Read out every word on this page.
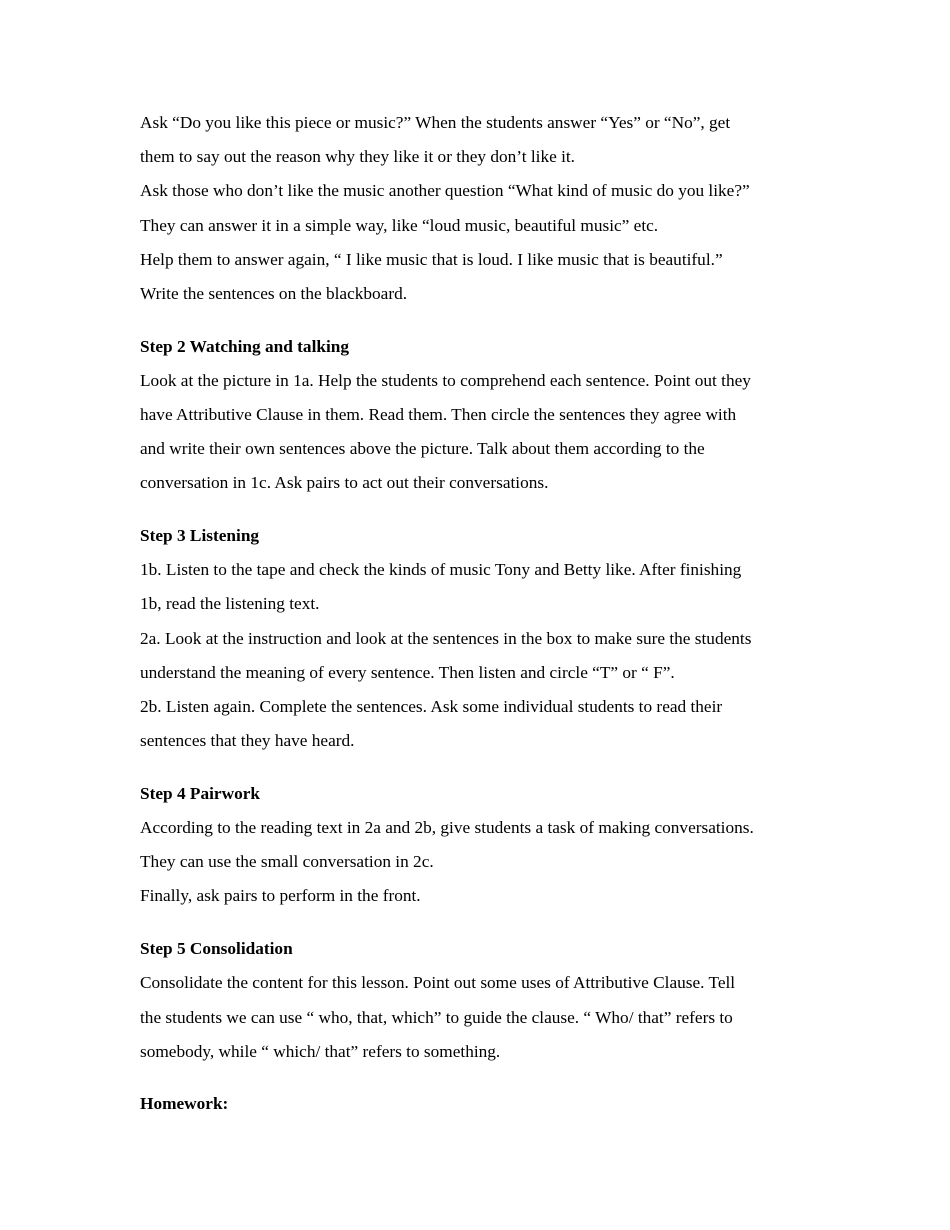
Ask “Do you like this piece or music?” When the students answer “Yes” or “No”, get
them to say out the reason why they like it or they don’t like it.
Ask those who don’t like the music another question “What kind of music do you like?”
They can answer it in a simple way, like “loud music, beautiful music” etc.
Help them to answer again, “ I like music that is loud. I like music that is beautiful.”
Write the sentences on the blackboard.
Step 2 Watching and talking
Look at the picture in 1a. Help the students to comprehend each sentence. Point out they
have Attributive Clause in them. Read them. Then circle the sentences they agree with
and write their own sentences above the picture. Talk about them according to the
conversation in 1c. Ask pairs to act out their conversations.
Step 3 Listening
1b. Listen to the tape and check the kinds of music Tony and Betty like. After finishing
1b, read the listening text.
2a. Look at the instruction and look at the sentences in the box to make sure the students
understand the meaning of every sentence. Then listen and circle “T” or “ F”.
2b. Listen again. Complete the sentences. Ask some individual students to read their
sentences that they have heard.
Step 4 Pairwork
According to the reading text in 2a and 2b, give students a task of making conversations.
They can use the small conversation in 2c.
Finally, ask pairs to perform in the front.
Step 5 Consolidation
Consolidate the content for this lesson. Point out some uses of Attributive Clause. Tell
the students we can use “ who, that, which” to guide the clause. “ Who/ that” refers to
somebody, while “ which/ that” refers to something.
Homework:
